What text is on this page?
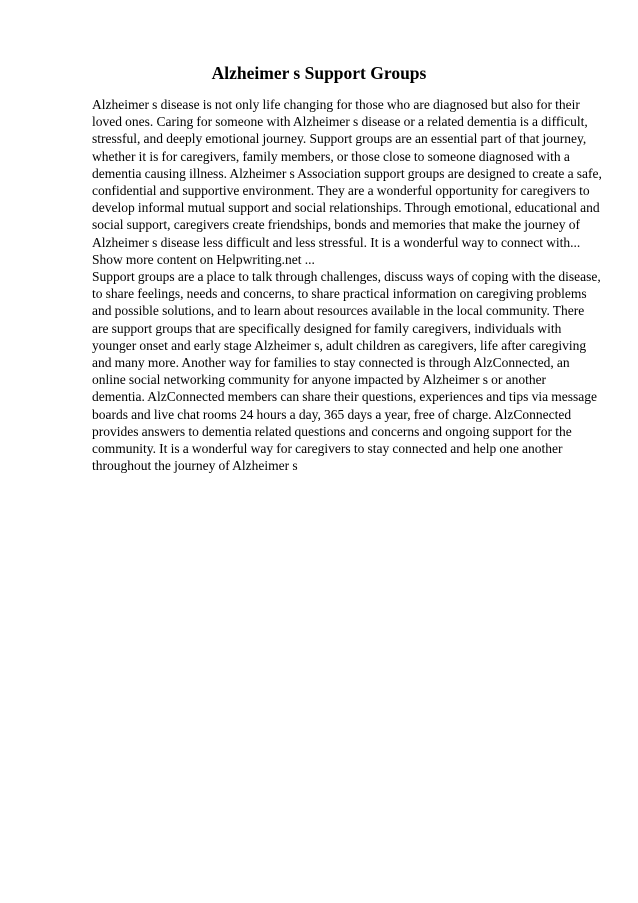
Alzheimer s Support Groups

Alzheimer s disease is not only life changing for those who are diagnosed but also for their loved ones. Caring for someone with Alzheimer s disease or a related dementia is a difficult, stressful, and deeply emotional journey. Support groups are an essential part of that journey, whether it is for caregivers, family members, or those close to someone diagnosed with a dementia causing illness. Alzheimer s Association support groups are designed to create a safe, confidential and supportive environment. They are a wonderful opportunity for caregivers to develop informal mutual support and social relationships. Through emotional, educational and social support, caregivers create friendships, bonds and memories that make the journey of Alzheimer s disease less difficult and less stressful. It is a wonderful way to connect with... Show more content on Helpwriting.net ...

Support groups are a place to talk through challenges, discuss ways of coping with the disease, to share feelings, needs and concerns, to share practical information on caregiving problems and possible solutions, and to learn about resources available in the local community. There are support groups that are specifically designed for family caregivers, individuals with younger onset and early stage Alzheimer s, adult children as caregivers, life after caregiving and many more. Another way for families to stay connected is through AlzConnected, an online social networking community for anyone impacted by Alzheimer s or another dementia. AlzConnected members can share their questions, experiences and tips via message boards and live chat rooms 24 hours a day, 365 days a year, free of charge. AlzConnected provides answers to dementia related questions and concerns and ongoing support for the community. It is a wonderful way for caregivers to stay connected and help one another throughout the journey of Alzheimer s
